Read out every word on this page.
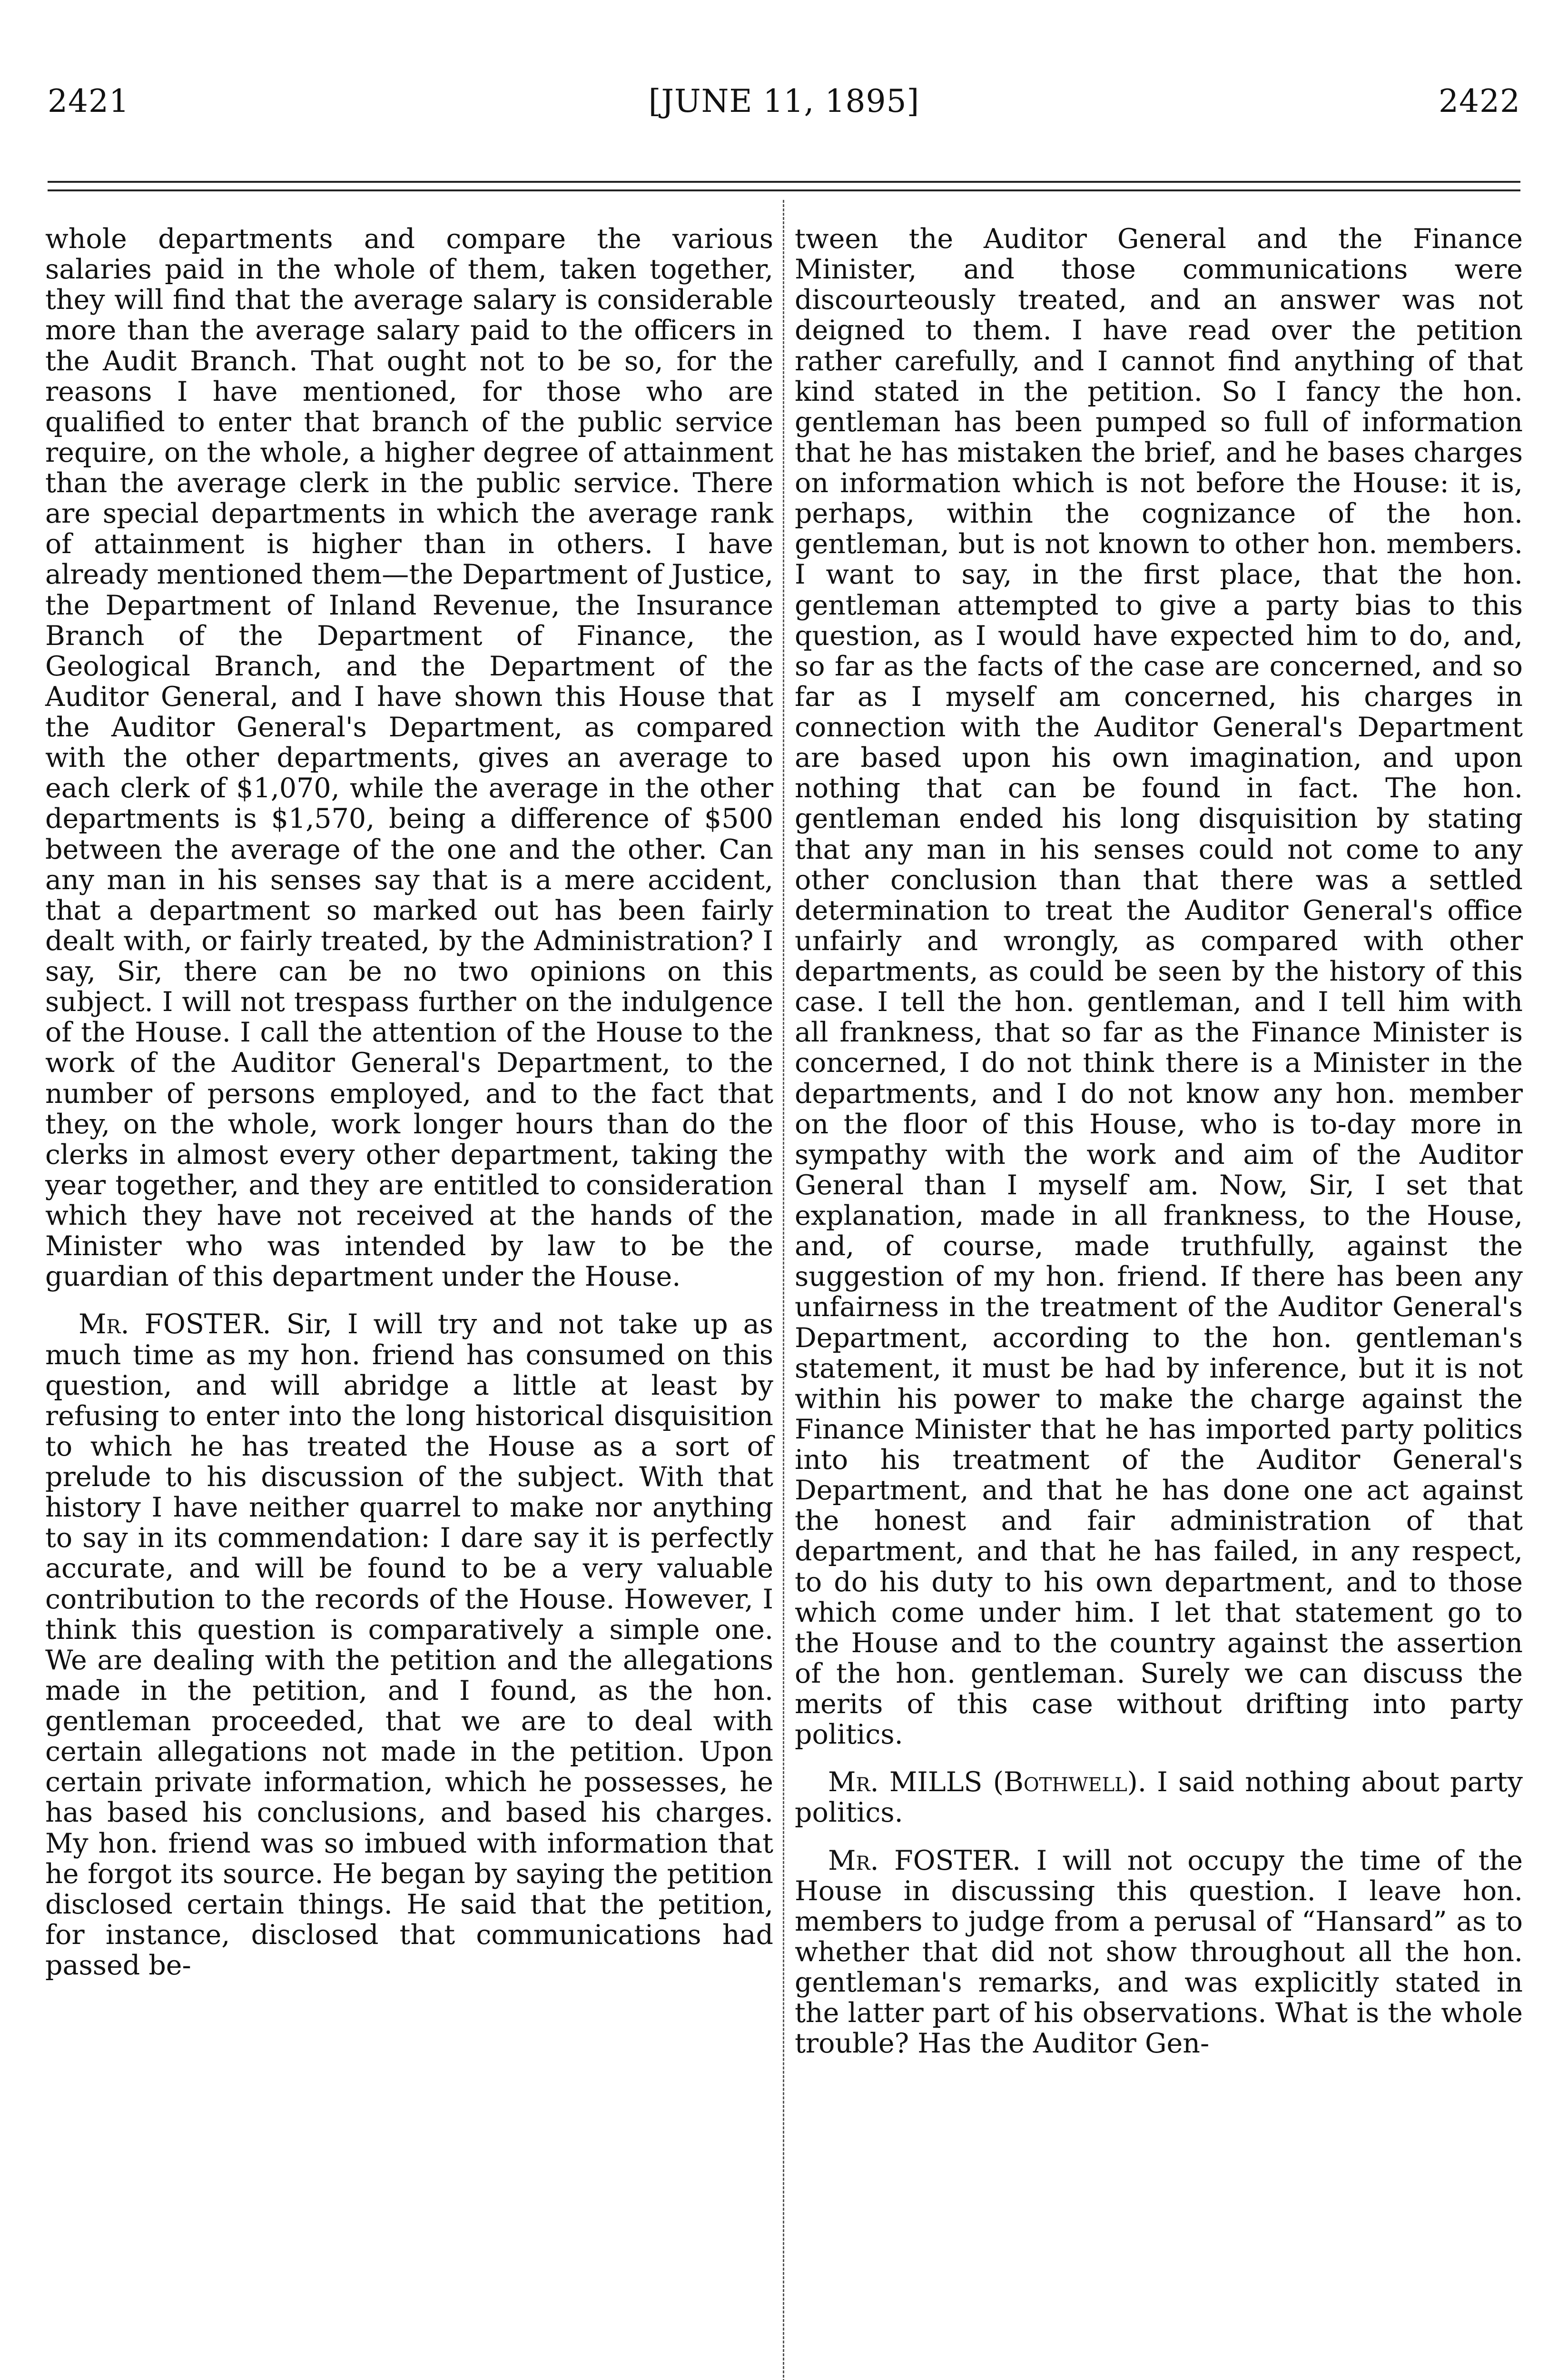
2421	[JUNE 11, 1895]	2422

whole departments and compare the various salaries paid in the whole of them, taken together, they will find that the average salary is considerable more than the average salary paid to the officers in the Audit Branch. That ought not to be so, for the reasons I have mentioned, for those who are qualified to enter that branch of the public service require, on the whole, a higher degree of attainment than the average clerk in the public service. There are special departments in which the average rank of attainment is higher than in others. I have already mentioned them—the Department of Justice, the Department of Inland Revenue, the Insurance Branch of the Department of Finance, the Geological Branch, and the Department of the Auditor General, and I have shown this House that the Auditor General's Department, as compared with the other departments, gives an average to each clerk of $1,070, while the average in the other departments is $1,570, being a difference of $500 between the average of the one and the other. Can any man in his senses say that is a mere accident, that a department so marked out has been fairly dealt with, or fairly treated, by the Administration? I say, Sir, there can be no two opinions on this subject. I will not trespass further on the indulgence of the House. I call the attention of the House to the work of the Auditor General's Department, to the number of persons employed, and to the fact that they, on the whole, work longer hours than do the clerks in almost every other department, taking the year together, and they are entitled to consideration which they have not received at the hands of the Minister who was intended by law to be the guardian of this department under the House.

Mr. FOSTER. Sir, I will try and not take up as much time as my hon. friend has consumed on this question, and will abridge a little at least by refusing to enter into the long historical disquisition to which he has treated the House as a sort of prelude to his discussion of the subject. With that history I have neither quarrel to make nor anything to say in its commendation: I dare say it is perfectly accurate, and will be found to be a very valuable contribution to the records of the House. However, I think this question is comparatively a simple one. We are dealing with the petition and the allegations made in the petition, and I found, as the hon. gentleman proceeded, that we are to deal with certain allegations not made in the petition. Upon certain private information, which he possesses, he has based his conclusions, and based his charges. My hon. friend was so imbued with information that he forgot its source. He began by saying the petition disclosed certain things. He said that the petition, for instance, disclosed that communications had passed be-

tween the Auditor General and the Finance Minister, and those communications were discourteously treated, and an answer was not deigned to them. I have read over the petition rather carefully, and I cannot find anything of that kind stated in the petition. So I fancy the hon. gentleman has been pumped so full of information that he has mistaken the brief, and he bases charges on information which is not before the House: it is, perhaps, within the cognizance of the hon. gentleman, but is not known to other hon. members. I want to say, in the first place, that the hon. gentleman attempted to give a party bias to this question, as I would have expected him to do, and, so far as the facts of the case are concerned, and so far as I myself am concerned, his charges in connection with the Auditor General's Department are based upon his own imagination, and upon nothing that can be found in fact. The hon. gentleman ended his long disquisition by stating that any man in his senses could not come to any other conclusion than that there was a settled determination to treat the Auditor General's office unfairly and wrongly, as compared with other departments, as could be seen by the history of this case. I tell the hon. gentleman, and I tell him with all frankness, that so far as the Finance Minister is concerned, I do not think there is a Minister in the departments, and I do not know any hon. member on the floor of this House, who is to-day more in sympathy with the work and aim of the Auditor General than I myself am. Now, Sir, I set that explanation, made in all frankness, to the House, and, of course, made truthfully, against the suggestion of my hon. friend. If there has been any unfairness in the treatment of the Auditor General's Department, according to the hon. gentleman's statement, it must be had by inference, but it is not within his power to make the charge against the Finance Minister that he has imported party politics into his treatment of the Auditor General's Department, and that he has done one act against the honest and fair administration of that department, and that he has failed, in any respect, to do his duty to his own department, and to those which come under him. I let that statement go to the House and to the country against the assertion of the hon. gentleman. Surely we can discuss the merits of this case without drifting into party politics.

Mr. MILLS (Bothwell). I said nothing about party politics.

Mr. FOSTER. I will not occupy the time of the House in discussing this question. I leave hon. members to judge from a perusal of “Hansard” as to whether that did not show throughout all the hon. gentleman's remarks, and was explicitly stated in the latter part of his observations. What is the whole trouble? Has the Auditor Gen-
